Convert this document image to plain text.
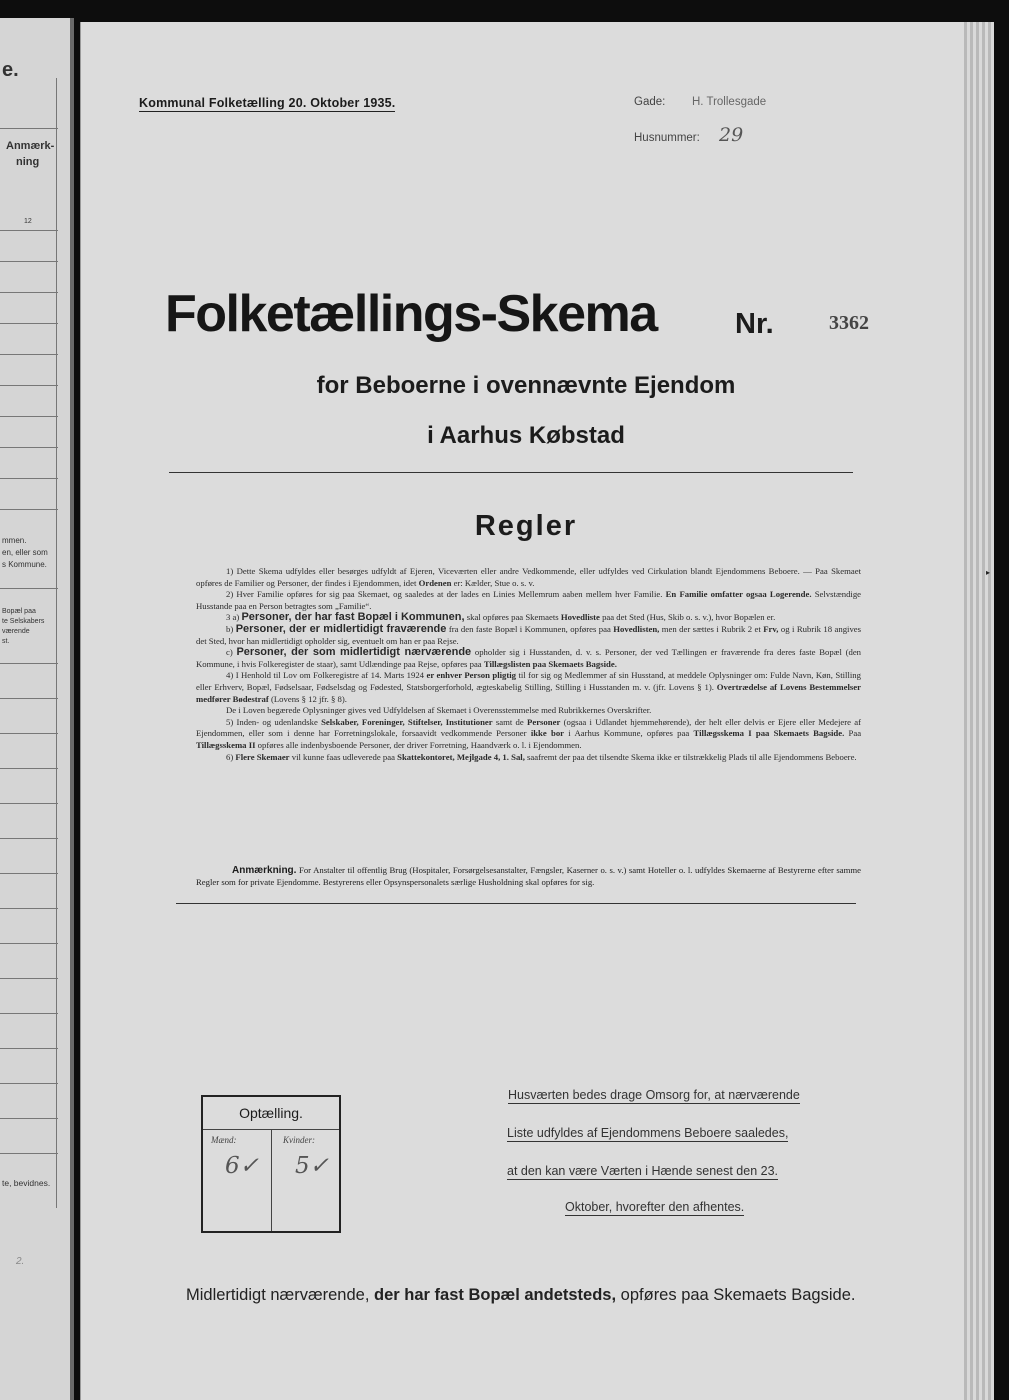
e.
Anmærk-
ning
12
mmen.
en, eller som
s Kommune.
Bopæl paa
te Selskabers
værende
st.
te, bevidnes.
2.
Kommunal Folketælling 20. Oktober 1935.	Gade: H. Trollesgade
Husnummer: 29
Folketællings-Skema	Nr.	3362
for Beboerne i ovennævnte Ejendom
i Aarhus Købstad
Regler

1) Dette Skema udfyldes eller besørges udfyldt af Ejeren, Viceværten eller andre Vedkommende, eller udfyldes ved Cirkulation blandt Ejendommens Beboere. — Paa Skemaet opføres de Familier og Personer, der findes i Ejendommen, idet Ordenen er: Kælder, Stue o. s. v.

2) Hver Familie opføres for sig paa Skemaet, og saaledes at der lades en Linies Mellemrum aaben mellem hver Familie. En Familie omfatter ogsaa Logerende. Selvstændige Husstande paa en Person betragtes som „Familie“.

3 a) Personer, der har fast Bopæl i Kommunen, skal opføres paa Skemaets Hovedliste paa det Sted (Hus, Skib o. s. v.), hvor Bopælen er.

b) Personer, der er midlertidigt fraværende fra den faste Bopæl i Kommunen, opføres paa Hovedlisten, men der sættes i Rubrik 2 et Frv, og i Rubrik 18 angives det Sted, hvor han midlertidigt opholder sig, eventuelt om han er paa Rejse.

c) Personer, der som midlertidigt nærværende opholder sig i Husstanden, d. v. s. Personer, der ved Tællingen er fraværende fra deres faste Bopæl (den Kommune, i hvis Folkeregister de staar), samt Udlændinge paa Rejse, opføres paa Tillægslisten paa Skemaets Bagside.

4) I Henhold til Lov om Folkeregistre af 14. Marts 1924 er enhver Person pligtig til for sig og Medlemmer af sin Husstand, at meddele Oplysninger om: Fulde Navn, Køn, Stilling eller Erhverv, Bopæl, Fødselsaar, Fødselsdag og Fødested, Statsborgerforhold, ægteskabelig Stilling, Stilling i Husstanden m. v. (jfr. Lovens § 1). Overtrædelse af Lovens Bestemmelser medfører Bødestraf (Lovens § 12 jfr. § 8).

De i Loven begærede Oplysninger gives ved Udfyldelsen af Skemaet i Overensstemmelse med Rubrikkernes Overskrifter.

5) Inden- og udenlandske Selskaber, Foreninger, Stiftelser, Institutioner samt de Personer (ogsaa i Udlandet hjemmehørende), der helt eller delvis er Ejere eller Medejere af Ejendommen, eller som i denne har Forretningslokale, forsaavidt vedkommende Personer ikke bor i Aarhus Kommune, opføres paa Tillægsskema I paa Skemaets Bagside. Paa Tillægsskema II opføres alle indenbysboende Personer, der driver Forretning, Haandværk o. l. i Ejendommen.

6) Flere Skemaer vil kunne faas udleverede paa Skattekontoret, Mejlgade 4, 1. Sal, saafremt der paa det tilsendte Skema ikke er tilstrækkelig Plads til alle Ejendommens Beboere.

Anmærkning. For Anstalter til offentlig Brug (Hospitaler, Forsørgelsesanstalter, Fængsler, Kaserner o. s. v.) samt Hoteller o. l. udfyldes Skemaerne af Bestyrerne efter samme Regler som for private Ejendomme. Bestyrerens eller Opsynspersonalets særlige Husholdning skal opføres for sig.
Optælling.
Mænd:	Kvinder:
6✓ 5✓
Husværten bedes drage Omsorg for, at nærværende
Liste udfyldes af Ejendommens Beboere saaledes,
at den kan være Værten i Hænde senest den 23.
Oktober, hvorefter den afhentes.
Midlertidigt nærværende, der har fast Bopæl andetsteds, opføres paa Skemaets Bagside.
▸
